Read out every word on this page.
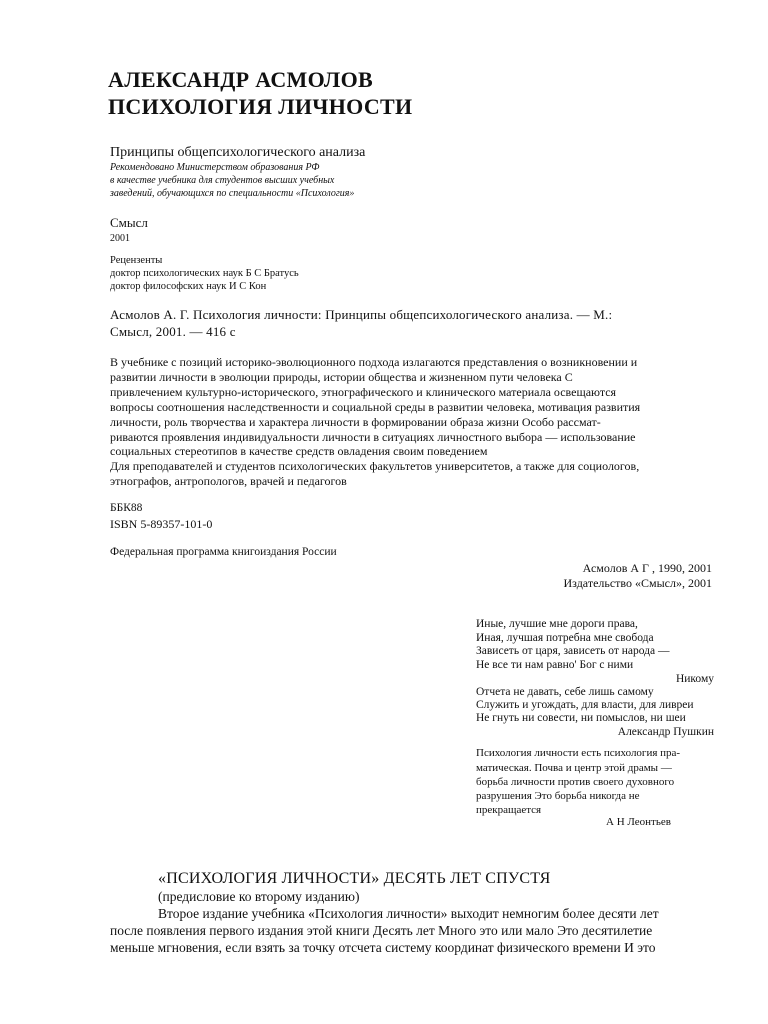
АЛЕКСАНДР АСМОЛОВ
ПСИХОЛОГИЯ ЛИЧНОСТИ
Принципы общепсихологического анализа
Рекомендовано Министерством образования РФ
в качестве учебника для студентов высших учебных
заведений, обучающихся по специальности «Психология»
Смысл
2001
Рецензенты
доктор психологических наук Б С Братусь
доктор философских наук И С Кон
Асмолов А. Г. Психология личности: Принципы общепсихологического анализа. — М.:
Смысл, 2001. — 416 с
В учебнике с позиций историко-эволюционного подхода излагаются представления о возникновении и
развитии личности в эволюции природы, истории общества и жизненном пути человека С
привлечением культурно-исторического, этнографического и клинического материала освещаются
вопросы соотношения наследственности и социальной среды в развитии человека, мотивация развития
личности, роль творчества и характера личности в формировании образа жизни Особо рассмат-
риваются проявления индивидуальности личности в ситуациях личностного выбора — использование
социальных стереотипов в качестве средств овладения своим поведением
Для преподавателей и студентов психологических факультетов университетов, а также для социологов,
этнографов, антропологов, врачей и педагогов
ББК88
ISBN 5-89357-101-0
Федеральная программа книгоиздания России
Асмолов А Г , 1990, 2001
Издательство «Смысл», 2001
Иные, лучшие мне дороги права,
Иная, лучшая потребна мне свобода
Зависеть от царя, зависеть от народа —
Не все ти нам равно' Бог с ними
Никому
Отчета не давать, себе лишь самому
Служить и угождать, для власти, для ливреи
Не гнуть ни совести, ни помыслов, ни шеи
Александр Пушкин
Психология личности есть психология пра-
матическая. Почва и центр этой драмы —
борьба личности против своего духовного
разрушения Это борьба никогда не
прекращается
А Н Леонтьев
«ПСИХОЛОГИЯ ЛИЧНОСТИ» ДЕСЯТЬ ЛЕТ СПУСТЯ
(предисловие ко второму изданию)
Второе издание учебника «Психология личности» выходит немногим более десяти лет
после появления первого издания этой книги Десять лет Много это или мало Это десятилетие
меньше мгновения, если взять за точку отсчета систему координат физического времени И это
